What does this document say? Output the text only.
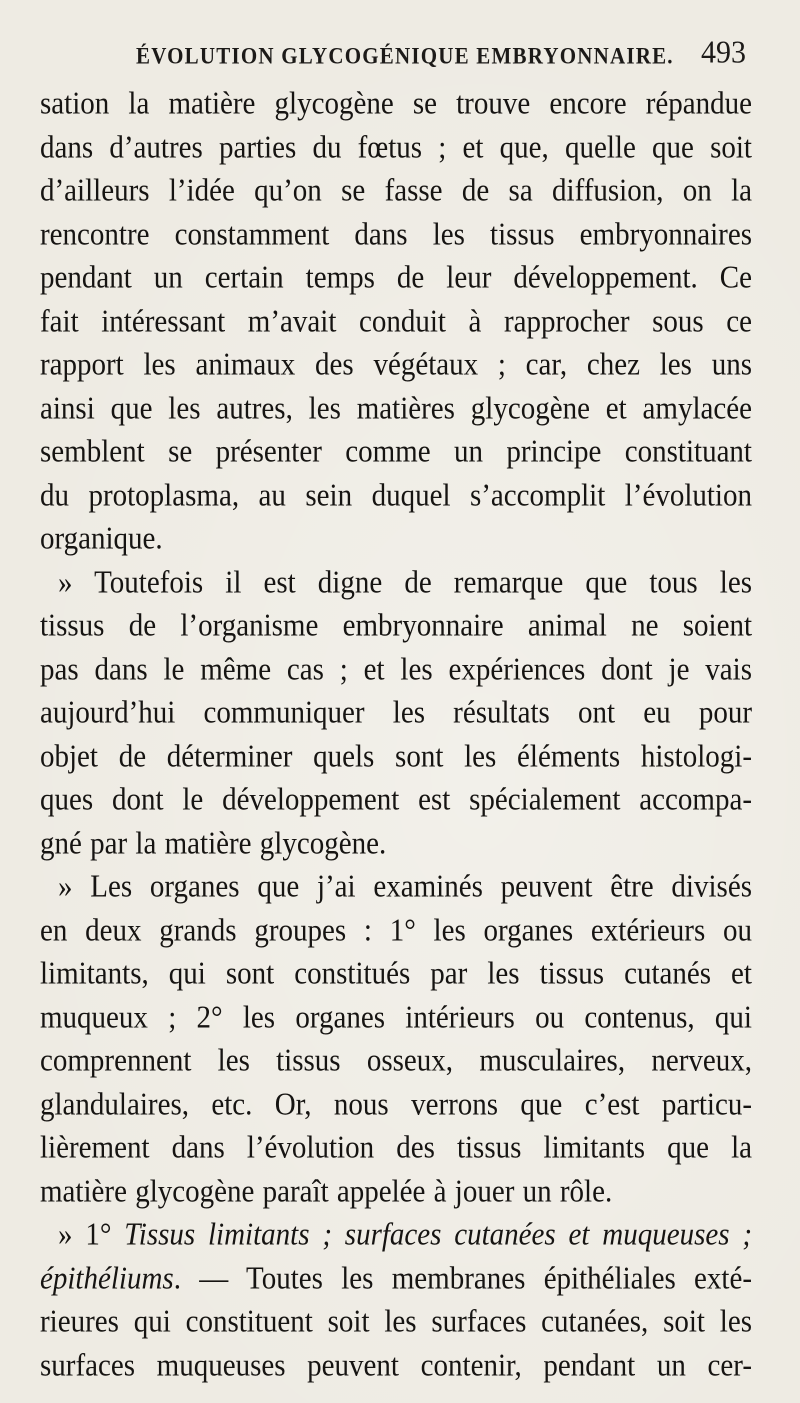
ÉVOLUTION GLYCOGÉNIQUE EMBRYONNAIRE. 493
sation la matière glycogène se trouve encore répandue
dans d’autres parties du fœtus ; et que, quelle que soit
d’ailleurs l’idée qu’on se fasse de sa diffusion, on la
rencontre constamment dans les tissus embryonnaires
pendant un certain temps de leur développement. Ce
fait intéressant m’avait conduit à rapprocher sous ce
rapport les animaux des végétaux ; car, chez les uns
ainsi que les autres, les matières glycogène et amylacée
semblent se présenter comme un principe constituant
du protoplasma, au sein duquel s’accomplit l’évolution
organique.
» Toutefois il est digne de remarque que tous les
tissus de l’organisme embryonnaire animal ne soient
pas dans le même cas ; et les expériences dont je vais
aujourd’hui communiquer les résultats ont eu pour
objet de déterminer quels sont les éléments histologi-
ques dont le développement est spécialement accompa-
gné par la matière glycogène.
» Les organes que j’ai examinés peuvent être divisés
en deux grands groupes : 1° les organes extérieurs ou
limitants, qui sont constitués par les tissus cutanés et
muqueux ; 2° les organes intérieurs ou contenus, qui
comprennent les tissus osseux, musculaires, nerveux,
glandulaires, etc. Or, nous verrons que c’est particu-
lièrement dans l’évolution des tissus limitants que la
matière glycogène paraît appelée à jouer un rôle.
» 1° Tissus limitants ; surfaces cutanées et muqueuses ;
épithéliums. — Toutes les membranes épithéliales exté-
rieures qui constituent soit les surfaces cutanées, soit les
surfaces muqueuses peuvent contenir, pendant un cer-
